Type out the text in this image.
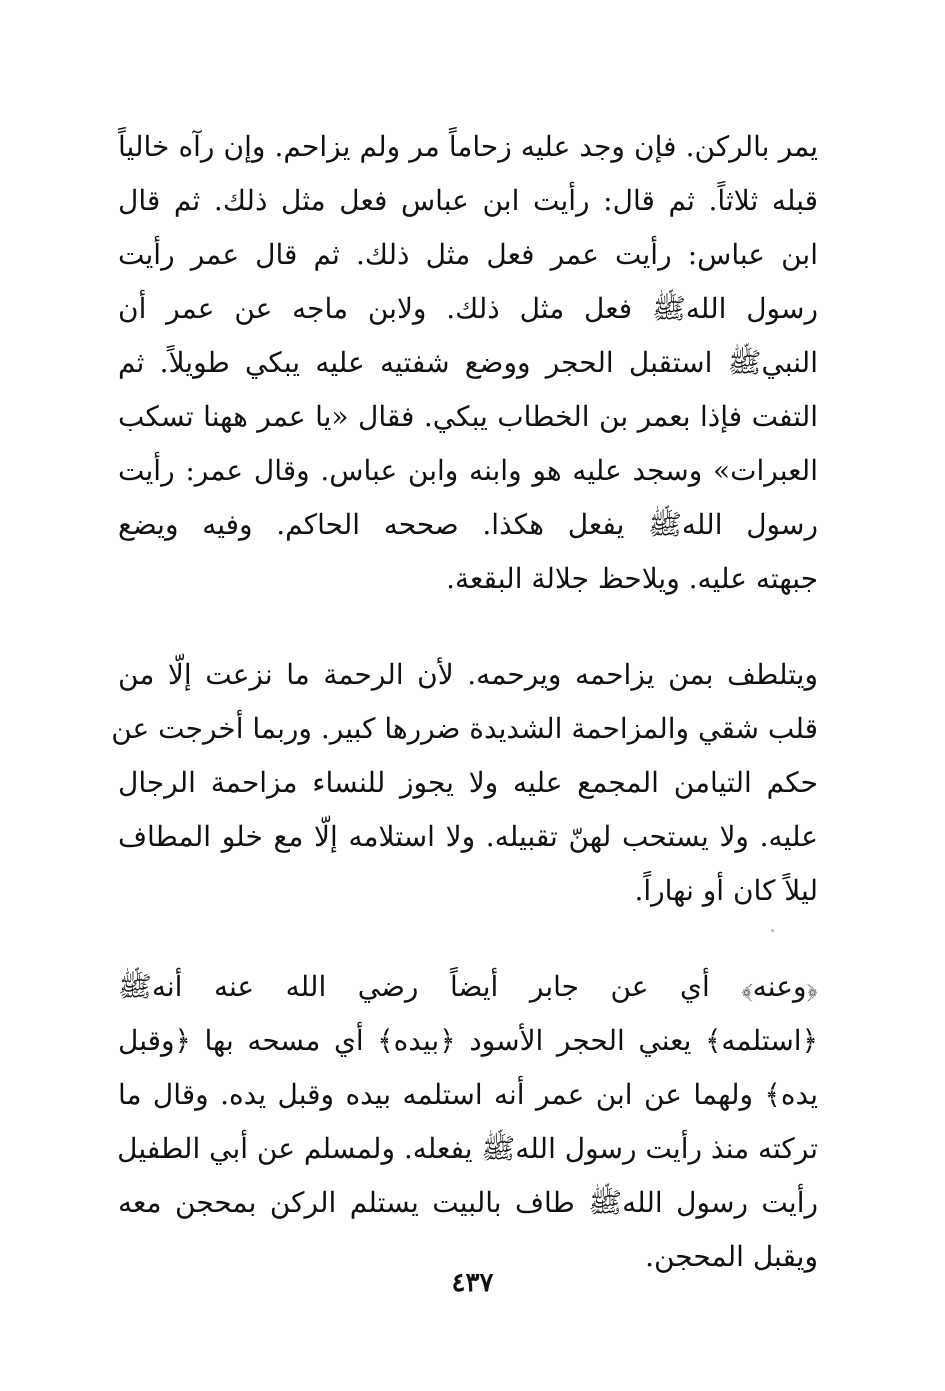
يمر بالركن. فإن وجد عليه زحاماً مر ولم يزاحم. وإن رآه خالياً
قبله ثلاثاً. ثم قال: رأيت ابن عباس فعل مثل ذلك. ثم قال
ابن عباس: رأيت عمر فعل مثل ذلك. ثم قال عمر رأيت
رسول اللهﷺ فعل مثل ذلك. ولابن ماجه عن عمر أن
النبيﷺ استقبل الحجر ووضع شفتيه عليه يبكي طويلاً. ثم
التفت فإذا بعمر بن الخطاب يبكي. فقال «يا عمر ههنا تسكب
العبرات» وسجد عليه هو وابنه وابن عباس. وقال عمر: رأيت
رسول اللهﷺ يفعل هكذا. صححه الحاكم. وفيه ويضع
جبهته عليه. ويلاحظ جلالة البقعة.
ويتلطف بمن يزاحمه ويرحمه. لأن الرحمة ما نزعت إلّا من
قلب شقي والمزاحمة الشديدة ضررها كبير. وربما أخرجت عن
حكم التيامن المجمع عليه ولا يجوز للنساء مزاحمة الرجال
عليه. ولا يستحب لهنّ تقبيله. ولا استلامه إلّا مع خلو المطاف
ليلاً كان أو نهاراً.
﴿وعنه﴾ أي عن جابر أيضاً رضي الله عنه أنهﷺ
﴿استلمه﴾ يعني الحجر الأسود ﴿بيده﴾ أي مسحه بها ﴿وقبل
يده﴾ ولهما عن ابن عمر أنه استلمه بيده وقبل يده. وقال ما
تركته منذ رأيت رسول اللهﷺ يفعله. ولمسلم عن أبي الطفيل
رأيت رسول اللهﷺ طاف بالبيت يستلم الركن بمحجن معه
ويقبل المحجن.
٤٣٧
